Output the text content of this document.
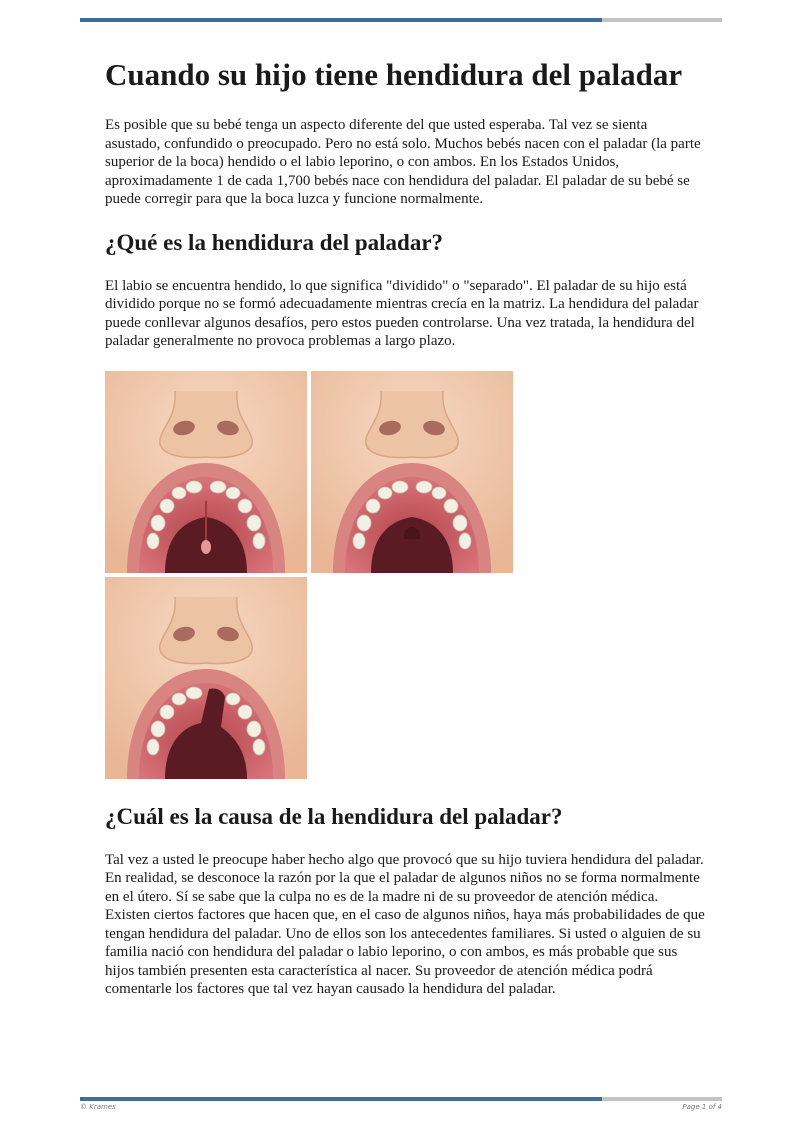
Cuando su hijo tiene hendidura del paladar

Es posible que su bebé tenga un aspecto diferente del que usted esperaba. Tal vez se sienta asustado, confundido o preocupado. Pero no está solo. Muchos bebés nacen con el paladar (la parte superior de la boca) hendido o el labio leporino, o con ambos. En los Estados Unidos, aproximadamente 1 de cada 1,700 bebés nace con hendidura del paladar. El paladar de su bebé se puede corregir para que la boca luzca y funcione normalmente.

¿Qué es la hendidura del paladar?

El labio se encuentra hendido, lo que significa "dividido" o "separado". El paladar de su hijo está dividido porque no se formó adecuadamente mientras crecía en la matriz. La hendidura del paladar puede conllevar algunos desafíos, pero estos pueden controlarse. Una vez tratada, la hendidura del paladar generalmente no provoca problemas a largo plazo.

¿Cuál es la causa de la hendidura del paladar?

Tal vez a usted le preocupe haber hecho algo que provocó que su hijo tuviera hendidura del paladar. En realidad, se desconoce la razón por la que el paladar de algunos niños no se forma normalmente en el útero. Sí se sabe que la culpa no es de la madre ni de su proveedor de atención médica. Existen ciertos factores que hacen que, en el caso de algunos niños, haya más probabilidades de que tengan hendidura del paladar. Uno de ellos son los antecedentes familiares. Si usted o alguien de su familia nació con hendidura del paladar o labio leporino, o con ambos, es más probable que sus hijos también presenten esta característica al nacer. Su proveedor de atención médica podrá comentarle los factores que tal vez hayan causado la hendidura del paladar.

© Krames	Page 1 of 4
